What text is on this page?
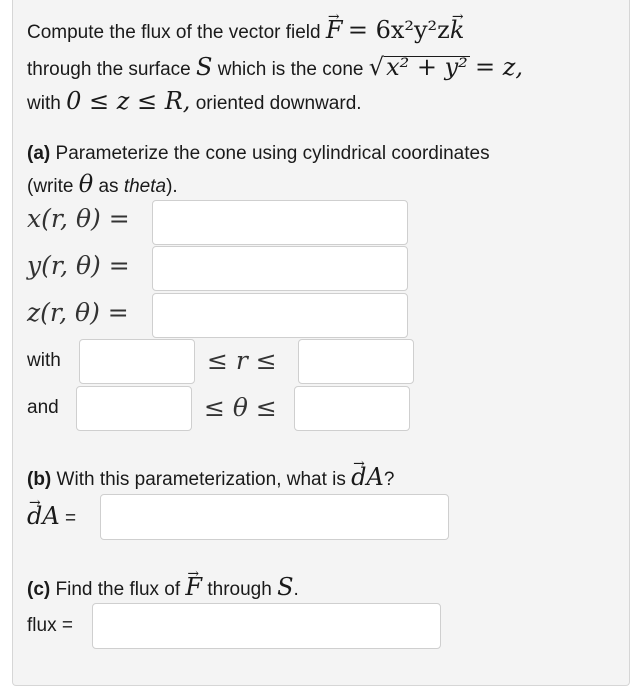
Compute the flux of the vector field → F = 6x²y²z→ k
through the surface S which is the cone √x² + y² = z,
with 0 ≤ z ≤ R, oriented downward.
(a) Parameterize the cone using cylindrical coordinates
(write θ as theta).
x(r, θ) =
y(r, θ) =
z(r, θ) =
with	≤ r ≤
and	≤ θ ≤
(b) With this parameterization, what is → dA?
→ dA =
(c) Find the flux of → F through S.
flux =
